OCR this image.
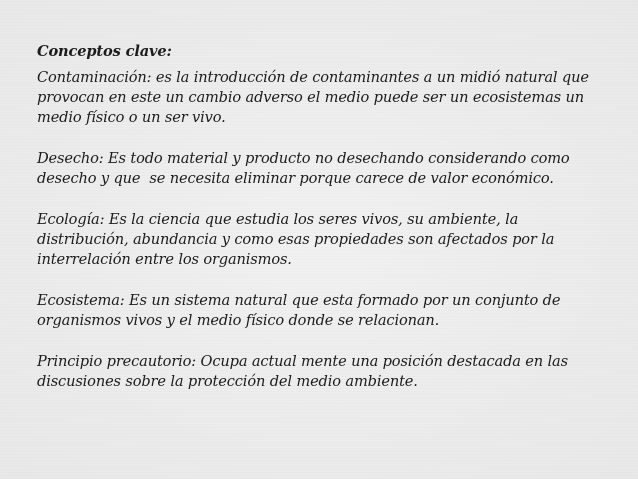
Conceptos clave:
Contaminación: es la introducción de contaminantes a un midió natural que
provocan en este un cambio adverso el medio puede ser un ecosistemas un
medio físico o un ser vivo.
Desecho: Es todo material y producto no desechando considerando como
desecho y que  se necesita eliminar porque carece de valor económico.
Ecología: Es la ciencia que estudia los seres vivos, su ambiente, la
distribución, abundancia y como esas propiedades son afectados por la
interrelación entre los organismos.
Ecosistema: Es un sistema natural que esta formado por un conjunto de
organismos vivos y el medio físico donde se relacionan.
Principio precautorio: Ocupa actual mente una posición destacada en las
discusiones sobre la protección del medio ambiente.
